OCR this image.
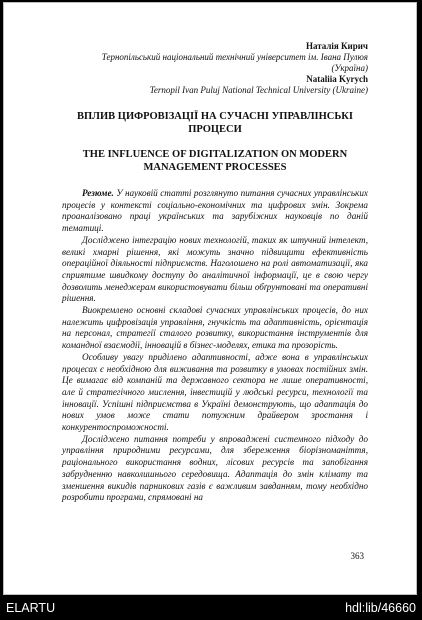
Наталія Кирич
Тернопільський національний технічний університет ім. Івана Пулюя
(Україна)
Nataliia Kyrych
Ternopil Ivan Puluj National Technical University (Ukraine)
ВПЛИВ ЦИФРОВІЗАЦІЇ НА СУЧАСНІ УПРАВЛІНСЬКІ ПРОЦЕСИ
THE INFLUENCE OF DIGITALIZATION ON MODERN MANAGEMENT PROCESSES

Резюме. У науковій статті розглянуто питання сучасних управлінських процесів у контексті соціально-економічних та цифрових змін. Зокрема проаналізовано праці українських та зарубіжних науковців по даній тематиці.

Досліджено інтеграцію нових технологій, таких як штучний інтелект, великі хмарні рішення, які можуть значно підвищити ефективність операційної діяльності підприємств. Наголошено на ролі автоматизації, яка сприятиме швидкому доступу до аналітичної інформації, це в свою чергу дозволить менеджерам використовувати більш обґрунтовані та оперативні рішення.

Виокремлено основні складові сучасних управлінських процесів, до них належить цифровізація управління, гнучкість та адаптивність, орієнтація на персонал, стратегії сталого розвитку, використання інструментів для командної взаємодії, інновацій в бізнес-моделях, етика та прозорість.

Особливу увагу приділено адаптивності, адже вона в управлінських процесах є необхідною для виживання та розвитку в умовах постійних змін. Це вимагає від компаній та державного сектора не лише оперативності, але й стратегічного мислення, інвестицій у людські ресурси, технології та інновації. Успішні підприємства в Україні демонструють, що адаптація до нових умов може стати потужним драйвером зростання і конкурентоспроможності.

Досліджено питання потреби у впроваджені системного підходу до управління природними ресурсами, для збереження біорізноманіття, раціонального використання водних, лісових ресурсів та запобігання забрудненню навколишнього середовища. Адаптація до змін клімату та зменшення викидів парникових газів є важливим завданням, тому необхідно розробити програми, спрямовані на

363
ELARTU	hdl:lib/46660
